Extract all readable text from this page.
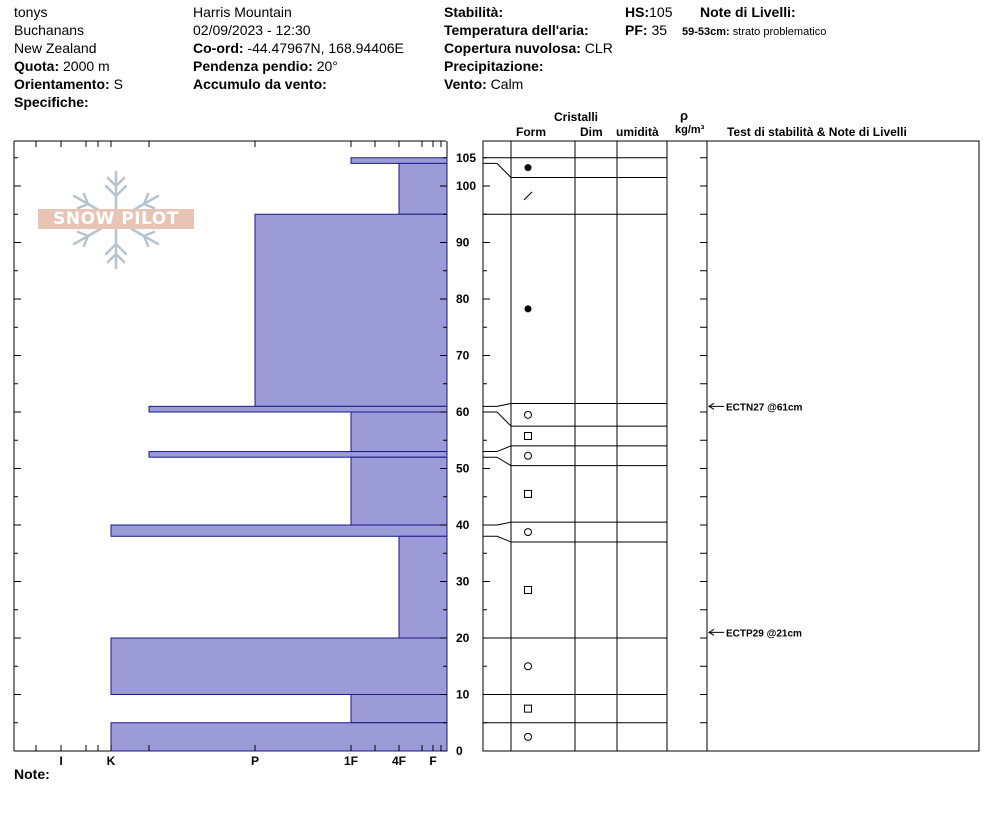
tonys
Buchanans
New Zealand
Quota: 2000 m
Orientamento: S
Specifiche:
Harris Mountain
02/09/2023 - 12:30
Co-ord: -44.47967N, 168.94406E
Pendenza pendio: 20°
Accumulo da vento:
Stabilità:
Temperatura dell'aria:
Copertura nuvolosa: CLR
Precipitazione:
Vento: Calm
HS:105
PF: 35
Note di Livelli:
59-53cm: strato problematico
Cristalli
Form	Dim umidità
ρ
kg/m³ Test di stabilità & Note di Livelli
SNOW PILOT
I	K	P	1F	4F F
0
10
20
30
40
50
60
70
80
90
100
105
ECTN27 @61cm
ECTP29 @21cm
Note:
